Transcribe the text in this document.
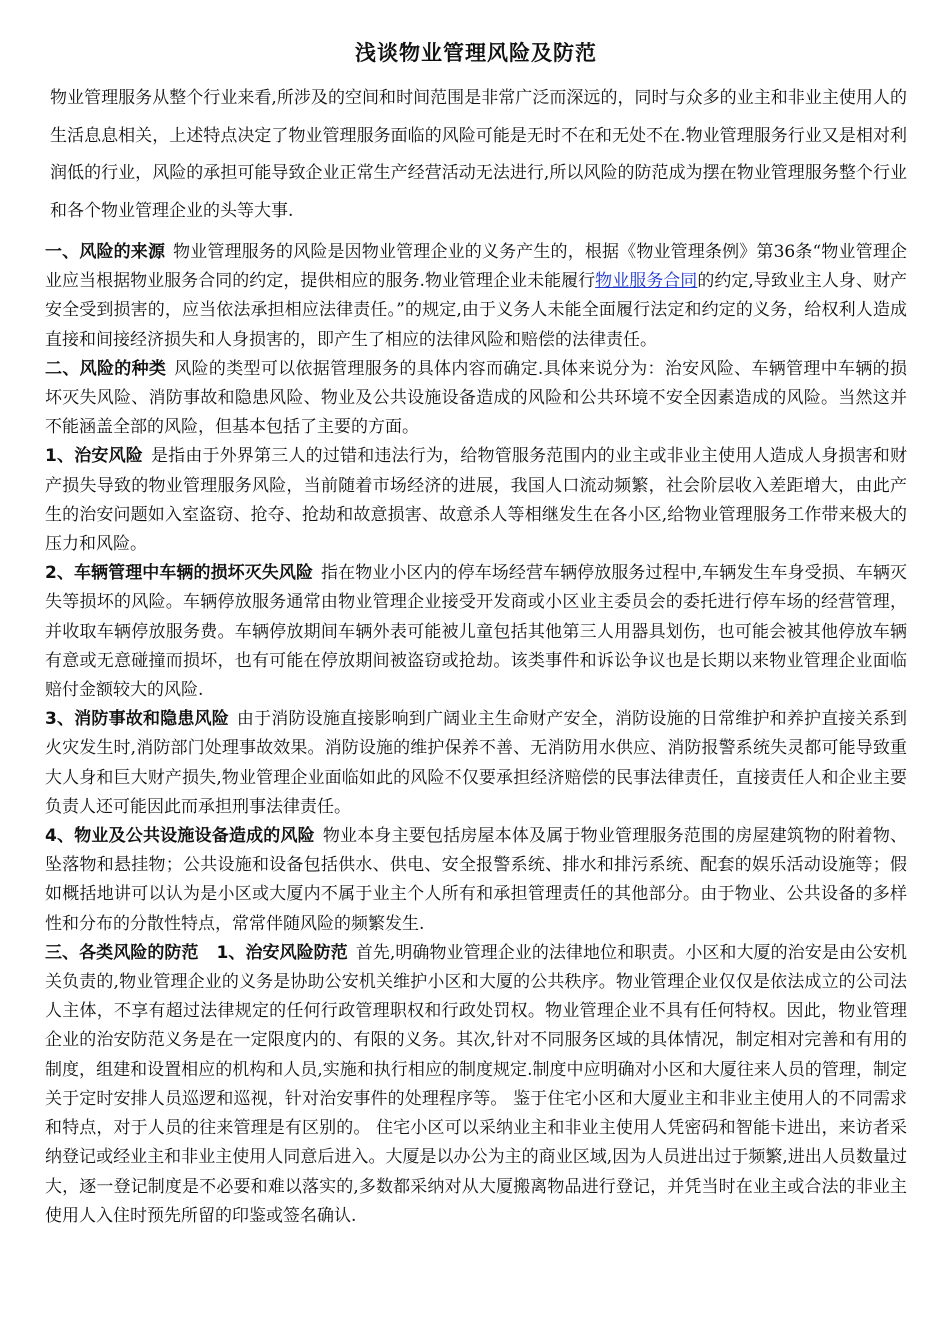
浅谈物业管理风险及防范

物业管理服务从整个行业来看,所涉及的空间和时间范围是非常广泛而深远的，同时与众多的业主和非业主使用人的生活息息相关，上述特点决定了物业管理服务面临的风险可能是无时不在和无处不在.物业管理服务行业又是相对利润低的行业，风险的承担可能导致企业正常生产经营活动无法进行,所以风险的防范成为摆在物业管理服务整个行业和各个物业管理企业的头等大事.

一、风险的来源 物业管理服务的风险是因物业管理企业的义务产生的，根据《物业管理条例》第36条“物业管理企业应当根据物业服务合同的约定，提供相应的服务.物业管理企业未能履行物业服务合同的约定,导致业主人身、财产安全受到损害的，应当依法承担相应法律责任。”的规定,由于义务人未能全面履行法定和约定的义务，给权利人造成直接和间接经济损失和人身损害的，即产生了相应的法律风险和赔偿的法律责任。

二、风险的种类 风险的类型可以依据管理服务的具体内容而确定.具体来说分为：治安风险、车辆管理中车辆的损坏灭失风险、消防事故和隐患风险、物业及公共设施设备造成的风险和公共环境不安全因素造成的风险。当然这并不能涵盖全部的风险，但基本包括了主要的方面。

1、治安风险 是指由于外界第三人的过错和违法行为，给物管服务范围内的业主或非业主使用人造成人身损害和财产损失导致的物业管理服务风险，当前随着市场经济的进展，我国人口流动频繁，社会阶层收入差距增大，由此产生的治安问题如入室盗窃、抢夺、抢劫和故意损害、故意杀人等相继发生在各小区,给物业管理服务工作带来极大的压力和风险。

2、车辆管理中车辆的损坏灭失风险 指在物业小区内的停车场经营车辆停放服务过程中,车辆发生车身受损、车辆灭失等损坏的风险。车辆停放服务通常由物业管理企业接受开发商或小区业主委员会的委托进行停车场的经营管理，并收取车辆停放服务费。车辆停放期间车辆外表可能被儿童包括其他第三人用器具划伤，也可能会被其他停放车辆有意或无意碰撞而损坏，也有可能在停放期间被盗窃或抢劫。该类事件和诉讼争议也是长期以来物业管理企业面临赔付金额较大的风险.

3、消防事故和隐患风险 由于消防设施直接影响到广阔业主生命财产安全，消防设施的日常维护和养护直接关系到火灾发生时,消防部门处理事故效果。消防设施的维护保养不善、无消防用水供应、消防报警系统失灵都可能导致重大人身和巨大财产损失,物业管理企业面临如此的风险不仅要承担经济赔偿的民事法律责任，直接责任人和企业主要负责人还可能因此而承担刑事法律责任。

4、物业及公共设施设备造成的风险 物业本身主要包括房屋本体及属于物业管理服务范围的房屋建筑物的附着物、坠落物和悬挂物；公共设施和设备包括供水、供电、安全报警系统、排水和排污系统、配套的娱乐活动设施等；假如概括地讲可以认为是小区或大厦内不属于业主个人所有和承担管理责任的其他部分。由于物业、公共设备的多样性和分布的分散性特点，常常伴随风险的频繁发生.

三、各类风险的防范 1、治安风险防范 首先,明确物业管理企业的法律地位和职责。小区和大厦的治安是由公安机关负责的,物业管理企业的义务是协助公安机关维护小区和大厦的公共秩序。物业管理企业仅仅是依法成立的公司法人主体，不享有超过法律规定的任何行政管理职权和行政处罚权。物业管理企业不具有任何特权。因此，物业管理企业的治安防范义务是在一定限度内的、有限的义务。其次,针对不同服务区域的具体情况，制定相对完善和有用的制度，组建和设置相应的机构和人员,实施和执行相应的制度规定.制度中应明确对小区和大厦往来人员的管理，制定关于定时安排人员巡逻和巡视，针对治安事件的处理程序等。 鉴于住宅小区和大厦业主和非业主使用人的不同需求和特点，对于人员的往来管理是有区别的。 住宅小区可以采纳业主和非业主使用人凭密码和智能卡进出，来访者采纳登记或经业主和非业主使用人同意后进入。大厦是以办公为主的商业区域,因为人员进出过于频繁,进出人员数量过大，逐一登记制度是不必要和难以落实的,多数都采纳对从大厦搬离物品进行登记，并凭当时在业主或合法的非业主使用人入住时预先所留的印鉴或签名确认.
